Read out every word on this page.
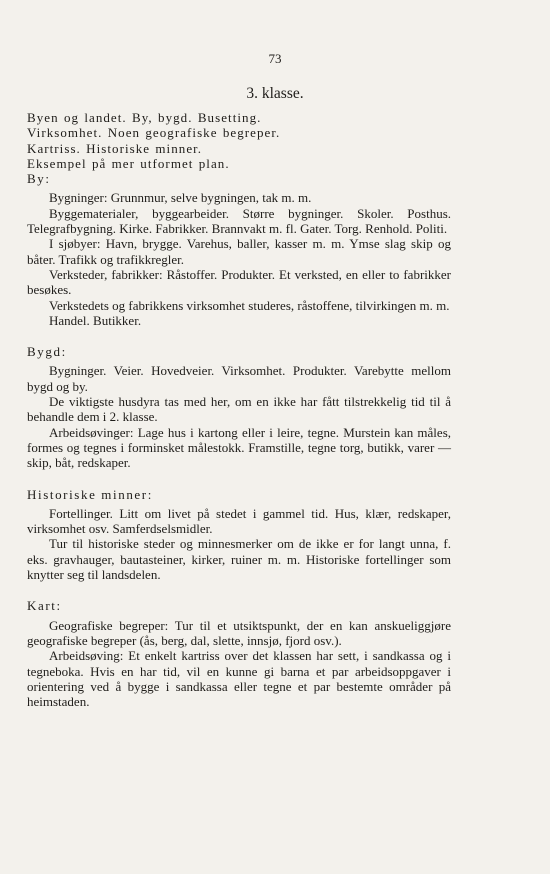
73
3. klasse.

Byen og landet. By, bygd. Busetting.

Virksomhet. Noen geografiske begreper.

Kartriss. Historiske minner.

Eksempel på mer utformet plan.

By:

Bygninger: Grunnmur, selve bygningen, tak m. m.

Byggematerialer, byggearbeider. Større bygninger. Skoler. Posthus. Telegrafbygning. Kirke. Fabrikker. Brannvakt m. fl. Gater. Torg. Renhold. Politi.

I sjøbyer: Havn, brygge. Varehus, baller, kasser m. m. Ymse slag skip og båter. Trafikk og trafikkregler.

Verksteder, fabrikker: Råstoffer. Produkter. Et verksted, en eller to fabrikker besøkes.

Verkstedets og fabrikkens virksomhet studeres, råstoffene, tilvirkingen m. m.

Handel. Butikker.

Bygd:

Bygninger. Veier. Hovedveier. Virksomhet. Produkter. Varebytte mellom bygd og by.

De viktigste husdyra tas med her, om en ikke har fått tilstrekkelig tid til å behandle dem i 2. klasse.

Arbeidsøvinger: Lage hus i kartong eller i leire, tegne. Murstein kan måles, formes og tegnes i forminsket målestokk. Framstille, tegne torg, butikk, varer — skip, båt, redskaper.

Historiske minner:

Fortellinger. Litt om livet på stedet i gammel tid. Hus, klær, redskaper, virksomhet osv. Samferdselsmidler.

Tur til historiske steder og minnesmerker om de ikke er for langt unna, f. eks. gravhauger, bautasteiner, kirker, ruiner m. m. Historiske fortellinger som knytter seg til landsdelen.

Kart:

Geografiske begreper: Tur til et utsiktspunkt, der en kan anskueliggjøre geografiske begreper (ås, berg, dal, slette, innsjø, fjord osv.).

Arbeidsøving: Et enkelt kartriss over det klassen har sett, i sandkassa og i tegneboka. Hvis en har tid, vil en kunne gi barna et par arbeidsoppgaver i orientering ved å bygge i sandkassa eller tegne et par bestemte områder på heimstaden.
